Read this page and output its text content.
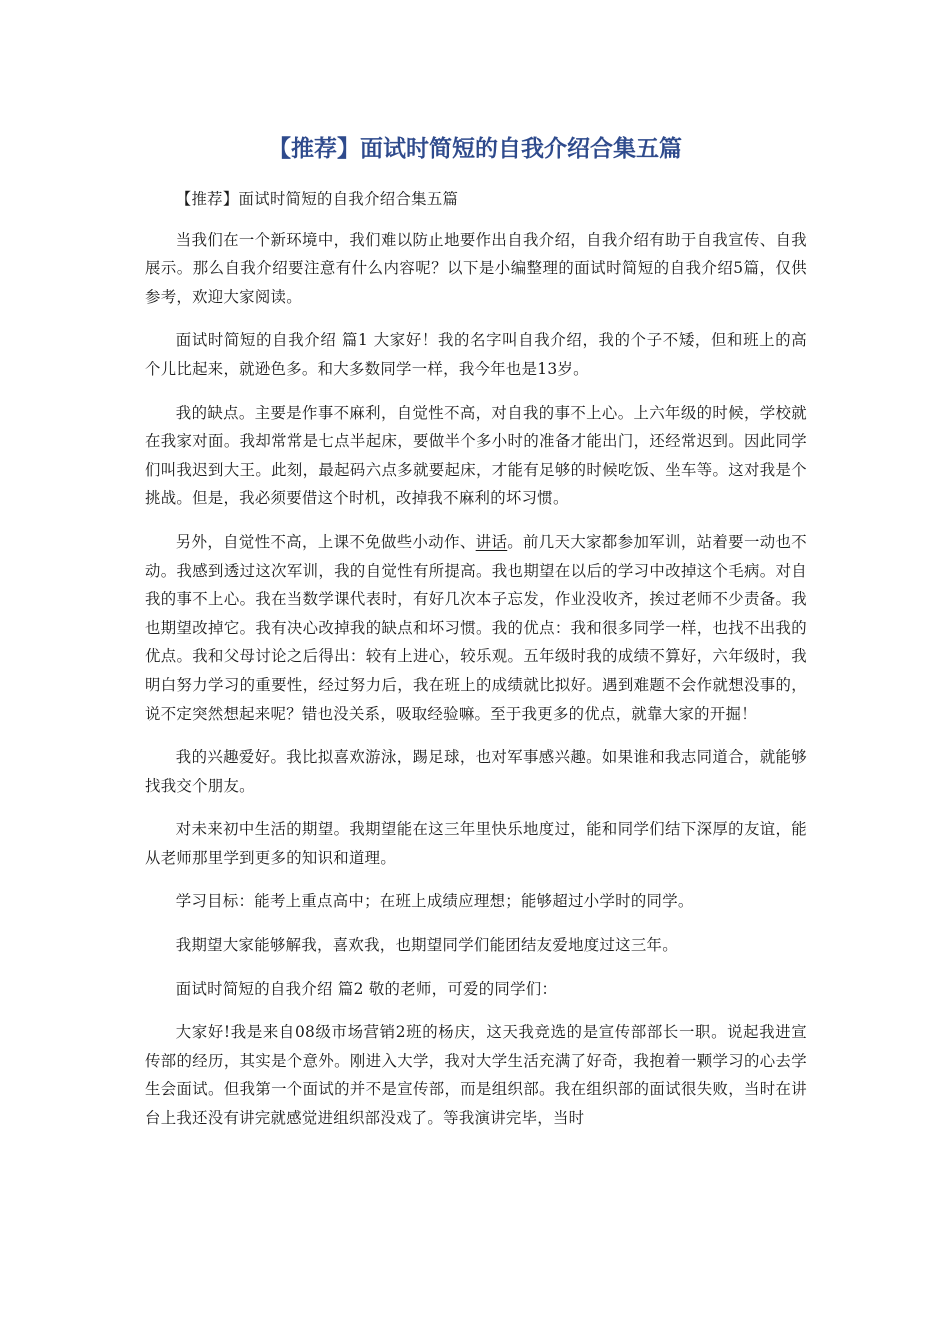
【推荐】面试时简短的自我介绍合集五篇

【推荐】面试时简短的自我介绍合集五篇

当我们在一个新环境中，我们难以防止地要作出自我介绍，自我介绍有助于自我宣传、自我展示。那么自我介绍要注意有什么内容呢？以下是小编整理的面试时简短的自我介绍5篇，仅供参考，欢迎大家阅读。

面试时简短的自我介绍 篇1 大家好！我的名字叫自我介绍，我的个子不矮，但和班上的高个儿比起来，就逊色多。和大多数同学一样，我今年也是13岁。

我的缺点。主要是作事不麻利，自觉性不高，对自我的事不上心。上六年级的时候，学校就在我家对面。我却常常是七点半起床，要做半个多小时的准备才能出门，还经常迟到。因此同学们叫我迟到大王。此刻，最起码六点多就要起床，才能有足够的时候吃饭、坐车等。这对我是个挑战。但是，我必须要借这个时机，改掉我不麻利的坏习惯。

另外，自觉性不高，上课不免做些小动作、讲话。前几天大家都参加军训，站着要一动也不动。我感到透过这次军训，我的自觉性有所提高。我也期望在以后的学习中改掉这个毛病。对自我的事不上心。我在当数学课代表时，有好几次本子忘发，作业没收齐，挨过老师不少责备。我也期望改掉它。我有决心改掉我的缺点和坏习惯。我的优点：我和很多同学一样，也找不出我的优点。我和父母讨论之后得出：较有上进心，较乐观。五年级时我的成绩不算好，六年级时，我明白努力学习的重要性，经过努力后，我在班上的成绩就比拟好。遇到难题不会作就想没事的，说不定突然想起来呢？错也没关系，吸取经验嘛。至于我更多的优点，就靠大家的开掘！

我的兴趣爱好。我比拟喜欢游泳，踢足球，也对军事感兴趣。如果谁和我志同道合，就能够找我交个朋友。

对未来初中生活的期望。我期望能在这三年里快乐地度过，能和同学们结下深厚的友谊，能从老师那里学到更多的知识和道理。

学习目标：能考上重点高中；在班上成绩应理想；能够超过小学时的同学。

我期望大家能够解我，喜欢我，也期望同学们能团结友爱地度过这三年。

面试时简短的自我介绍 篇2 敬的老师，可爱的同学们：

大家好!我是来自08级市场营销2班的杨庆，这天我竞选的是宣传部部长一职。说起我进宣传部的经历，其实是个意外。刚进入大学，我对大学生活充满了好奇，我抱着一颗学习的心去学生会面试。但我第一个面试的并不是宣传部，而是组织部。我在组织部的面试很失败，当时在讲台上我还没有讲完就感觉进组织部没戏了。等我演讲完毕，当时
